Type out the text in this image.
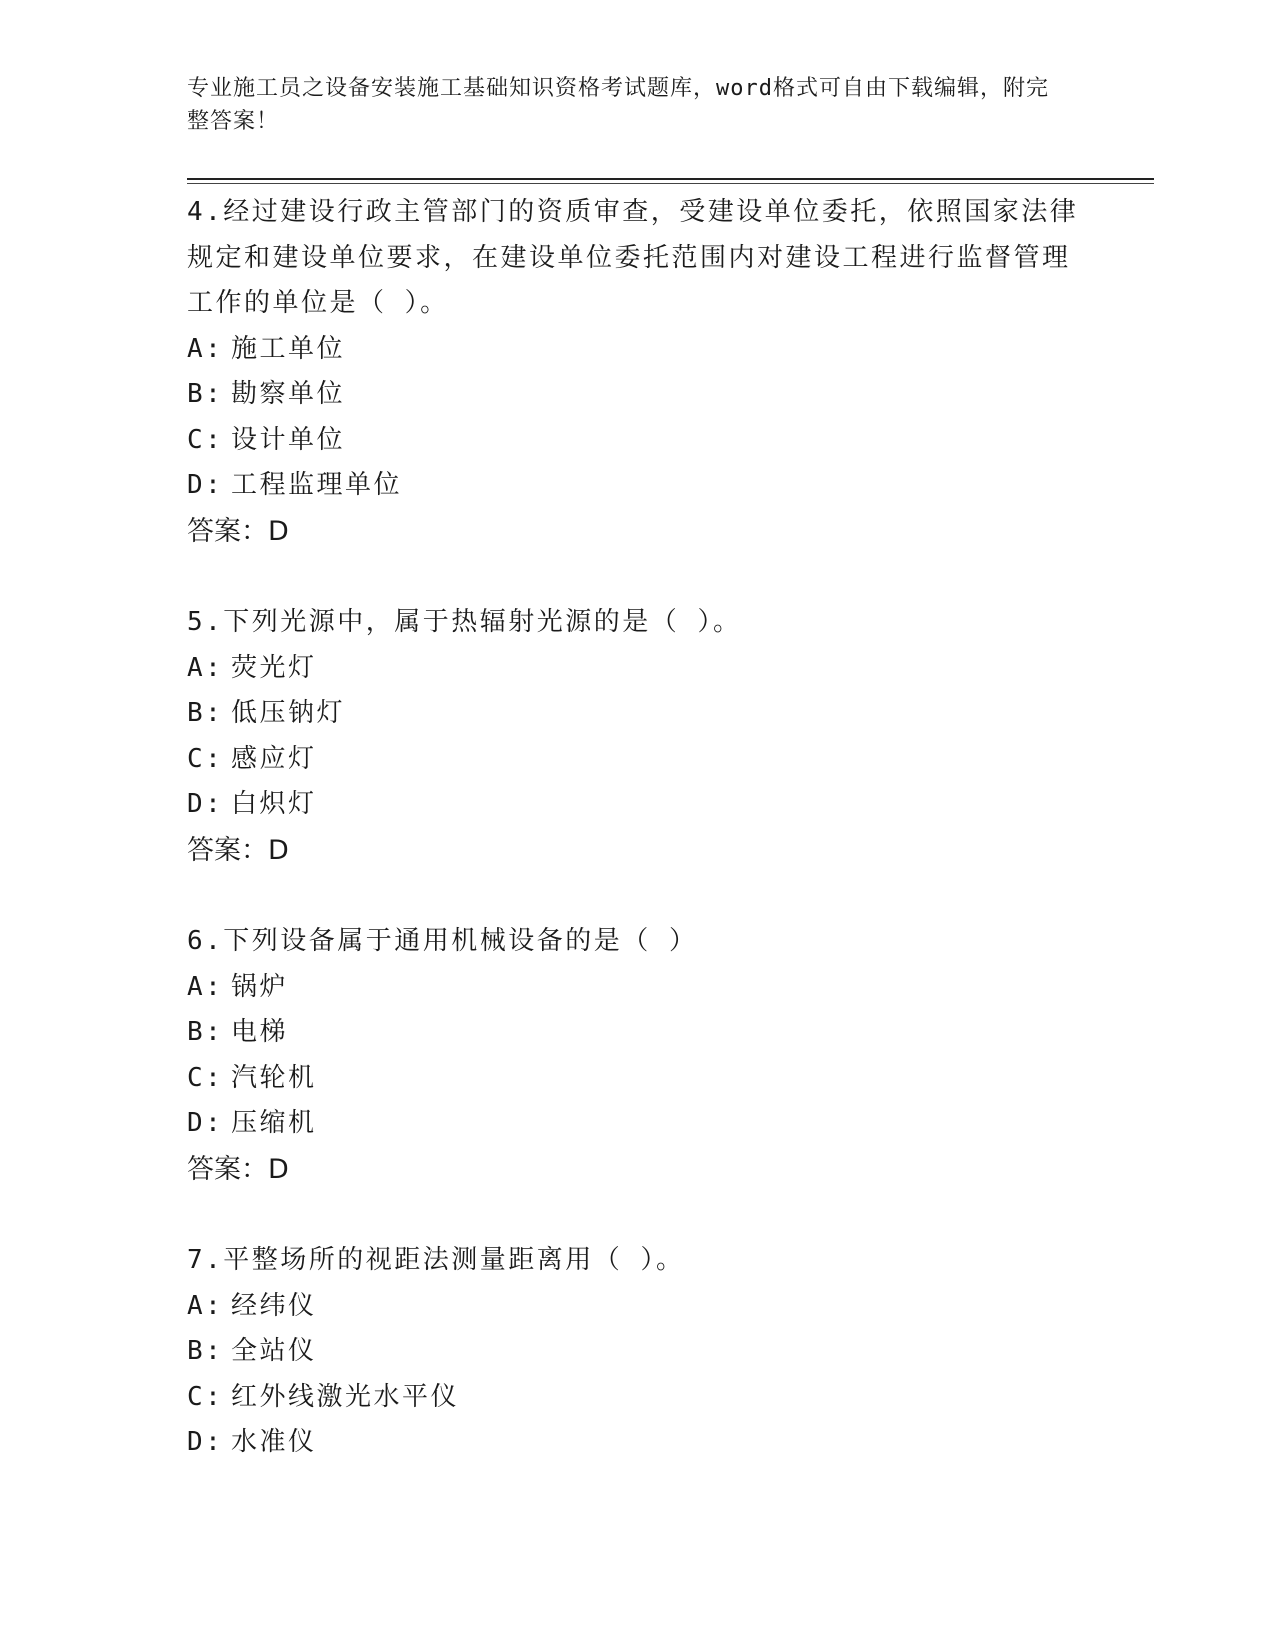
专业施工员之设备安装施工基础知识资格考试题库，word格式可自由下载编辑，附完整答案！

4.经过建设行政主管部门的资质审查，受建设单位委托，依照国家法律规定和建设单位要求，在建设单位委托范围内对建设工程进行监督管理工作的单位是（ ）。

A: 施工单位

B: 勘察单位

C: 设计单位

D: 工程监理单位

答案：D

5.下列光源中，属于热辐射光源的是（ ）。

A: 荧光灯

B: 低压钠灯

C: 感应灯

D: 白炽灯

答案：D

6.下列设备属于通用机械设备的是（ ）

A: 锅炉

B: 电梯

C: 汽轮机

D: 压缩机

答案：D

7.平整场所的视距法测量距离用（ ）。

A: 经纬仪

B: 全站仪

C: 红外线激光水平仪

D: 水准仪
